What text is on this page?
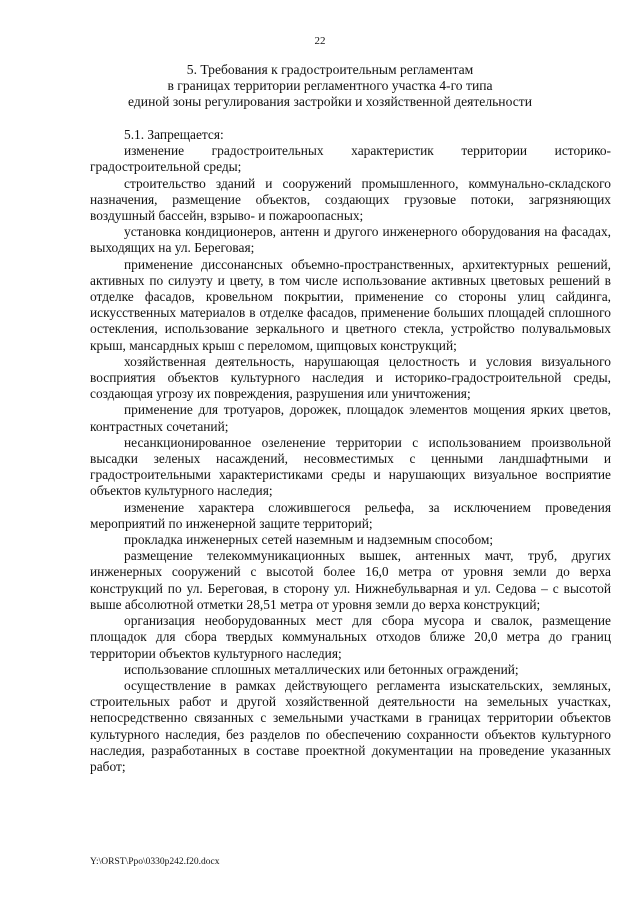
22
5. Требования к градостроительным регламентам
в границах территории регламентного участка 4-го типа
единой зоны регулирования застройки и хозяйственной деятельности

5.1. Запрещается:

изменение градостроительных характеристик территории историко-градостроительной среды;

строительство зданий и сооружений промышленного, коммунально-складского назначения, размещение объектов, создающих грузовые потоки, загрязняющих воздушный бассейн, взрыво- и пожароопасных;

установка кондиционеров, антенн и другого инженерного оборудования на фасадах, выходящих на ул. Береговая;

применение диссонансных объемно-пространственных, архитектурных решений, активных по силуэту и цвету, в том числе использование активных цветовых решений в отделке фасадов, кровельном покрытии, применение со стороны улиц сайдинга, искусственных материалов в отделке фасадов, применение больших площадей сплошного остекления, использование зеркального и цветного стекла, устройство полувальмовых крыш, мансардных крыш с переломом, щипцовых конструкций;

хозяйственная деятельность, нарушающая целостность и условия визуального восприятия объектов культурного наследия и историко-градостроительной среды, создающая угрозу их повреждения, разрушения или уничтожения;

применение для тротуаров, дорожек, площадок элементов мощения ярких цветов, контрастных сочетаний;

несанкционированное озеленение территории с использованием произвольной высадки зеленых насаждений, несовместимых с ценными ландшафтными и градостроительными характеристиками среды и нарушающих визуальное восприятие объектов культурного наследия;

изменение характера сложившегося рельефа, за исключением проведения мероприятий по инженерной защите территорий;

прокладка инженерных сетей наземным и надземным способом;

размещение телекоммуникационных вышек, антенных мачт, труб, других инженерных сооружений с высотой более 16,0 метра от уровня земли до верха конструкций по ул. Береговая, в сторону ул. Нижнебульварная и ул. Седова – с высотой выше абсолютной отметки 28,51 метра от уровня земли до верха конструкций;

организация необорудованных мест для сбора мусора и свалок, размещение площадок для сбора твердых коммунальных отходов ближе 20,0 метра до границ территории объектов культурного наследия;

использование сплошных металлических или бетонных ограждений;

осуществление в рамках действующего регламента изыскательских, земляных, строительных работ и другой хозяйственной деятельности на земельных участках, непосредственно связанных с земельными участками в границах территории объектов культурного наследия, без разделов по обеспечению сохранности объектов культурного наследия, разработанных в составе проектной документации на проведение указанных работ;

Y:\ORST\Ppo\0330p242.f20.docx
